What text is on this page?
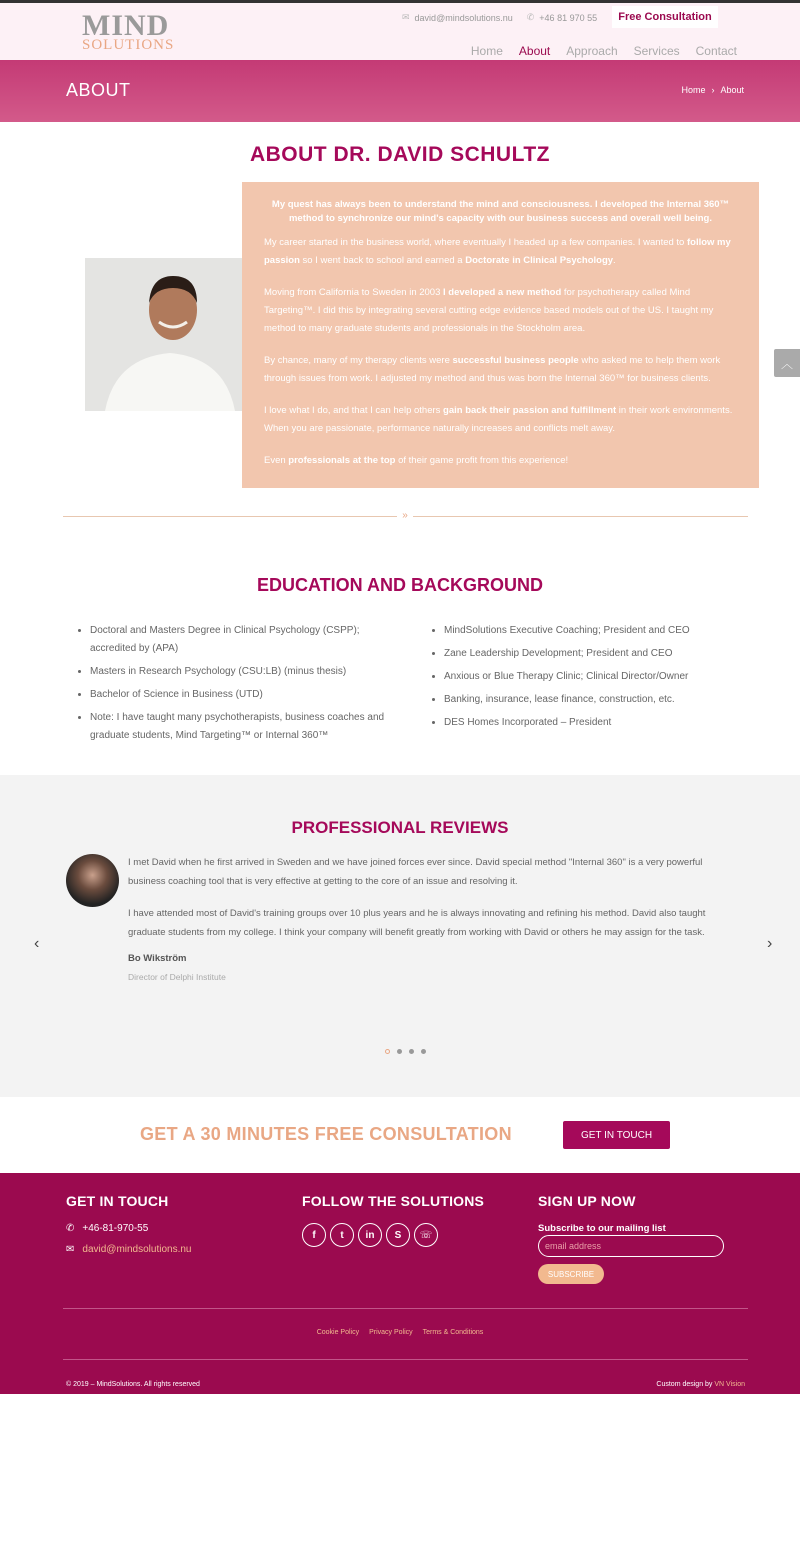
MIND
SOLUTIONS
✉ david@mindsolutions.nu ✆ +46 81 970 55	Free Consultation
Home About Approach Services Contact
ABOUT	Home › About
ABOUT DR. DAVID SCHULTZ
My quest has always been to understand the mind and consciousness. I developed the Internal 360™ method to synchronize our mind's capacity with our business success and overall well being.

My career started in the business world, where eventually I headed up a few companies. I wanted to follow my passion so I went back to school and earned a Doctorate in Clinical Psychology.

Moving from California to Sweden in 2003 I developed a new method for psychotherapy called Mind Targeting™. I did this by integrating several cutting edge evidence based models out of the US. I taught my method to many graduate students and professionals in the Stockholm area.

By chance, many of my therapy clients were successful business people who asked me to help them work through issues from work. I adjusted my method and thus was born the Internal 360™ for business clients.

I love what I do, and that I can help others gain back their passion and fulfillment in their work environments. When you are passionate, performance naturally increases and conflicts melt away.

Even professionals at the top of their game profit from this experience!

»
EDUCATION AND BACKGROUND
• Doctoral and Masters Degree in Clinical Psychology (CSPP); accredited by (APA)
• Masters in Research Psychology (CSU:LB) (minus thesis)
• Bachelor of Science in Business (UTD)
• Note: I have taught many psychotherapists, business coaches and graduate students, Mind Targeting™ or Internal 360™
• MindSolutions Executive Coaching; President and CEO
• Zane Leadership Development; President and CEO
• Anxious or Blue Therapy Clinic; Clinical Director/Owner
• Banking, insurance, lease finance, construction, etc.
• DES Homes Incorporated – President
︿
PROFESSIONAL REVIEWS

I met David when he first arrived in Sweden and we have joined forces ever since. David special method "Internal 360" is a very powerful business coaching tool that is very effective at getting to the core of an issue and resolving it.

I have attended most of David's training groups over 10 plus years and he is always innovating and refining his method. David also taught graduate students from my college. I think your company will benefit greatly from working with David or others he may assign for the task.

Bo Wikström
Director of Delphi Institute
‹	›
GET A 30 MINUTES FREE CONSULTATION	GET IN TOUCH
GET IN TOUCH
✆ +46-81-970-55
✉ david@mindsolutions.nu
FOLLOW THE SOLUTIONS
f	t	in	S	☏
SIGN UP NOW
Subscribe to our mailing list
email address
SUBSCRIBE
Cookie Policy Privacy Policy Terms & Conditions
© 2019 – MindSolutions. All rights reserved	Custom design by VN Vision
